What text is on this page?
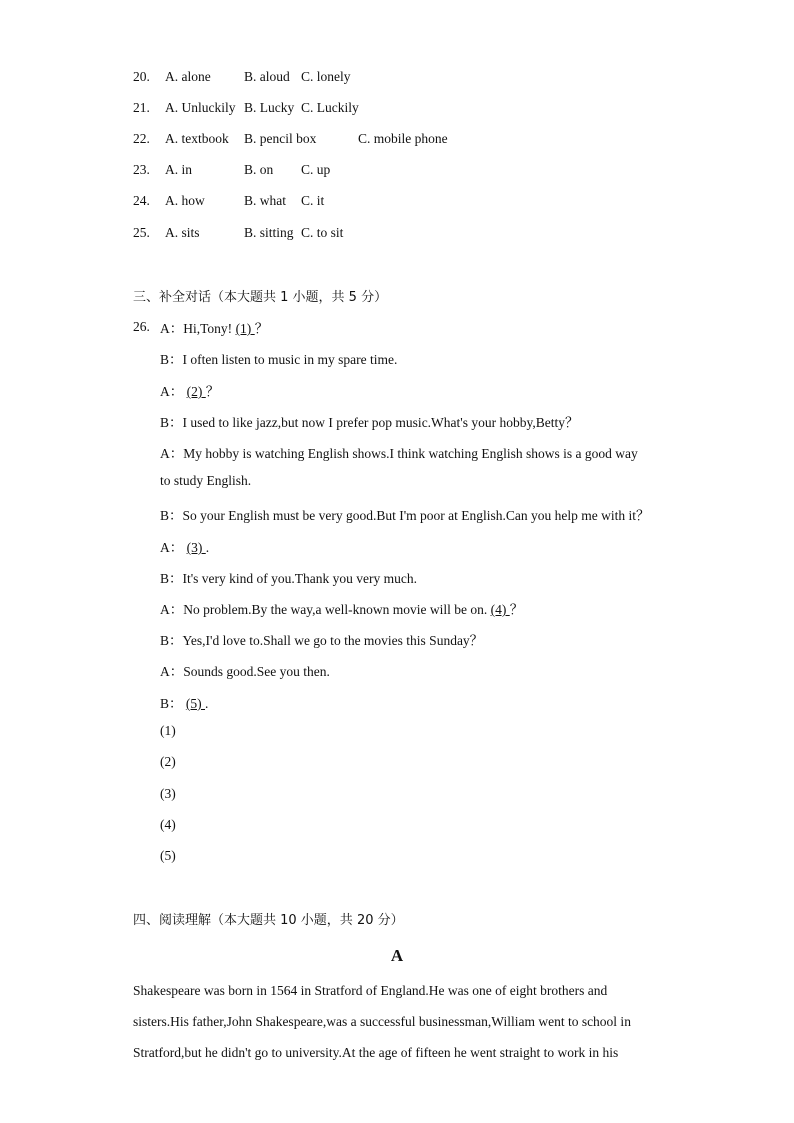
20. A. alone B. aloud C. lonely
21. A. Unluckily B. Lucky C. Luckily
22. A. textbook B. pencil box	C. mobile phone
23. A. in	B. on C. up
24. A. how	B. what C. it
25. A. sits	B. sitting C. to sit
三、补全对话（本大题共 1 小题，共 5 分）
26. A：Hi,Tony! (1) ？
B：I often listen to music in my spare time.
A： (2) ？
B：I used to like jazz,but now I prefer pop music.What's your hobby,Betty？
A：My hobby is watching English shows.I think watching English shows is a good way
to study English.
B：So your English must be very good.But I'm poor at English.Can you help me with it？
A： (3) .
B：It's very kind of you.Thank you very much.
A：No problem.By the way,a well-known movie will be on. (4) ？
B：Yes,I'd love to.Shall we go to the movies this Sunday？
A：Sounds good.See you then.
B： (5) .
(1)
(2)
(3)
(4)
(5)
四、阅读理解（本大题共 10 小题，共 20 分）
A
Shakespeare was born in 1564 in Stratford of England.He was one of eight brothers and
sisters.His father,John Shakespeare,was a successful businessman,William went to school in
Stratford,but he didn't go to university.At the age of fifteen he went straight to work in his
